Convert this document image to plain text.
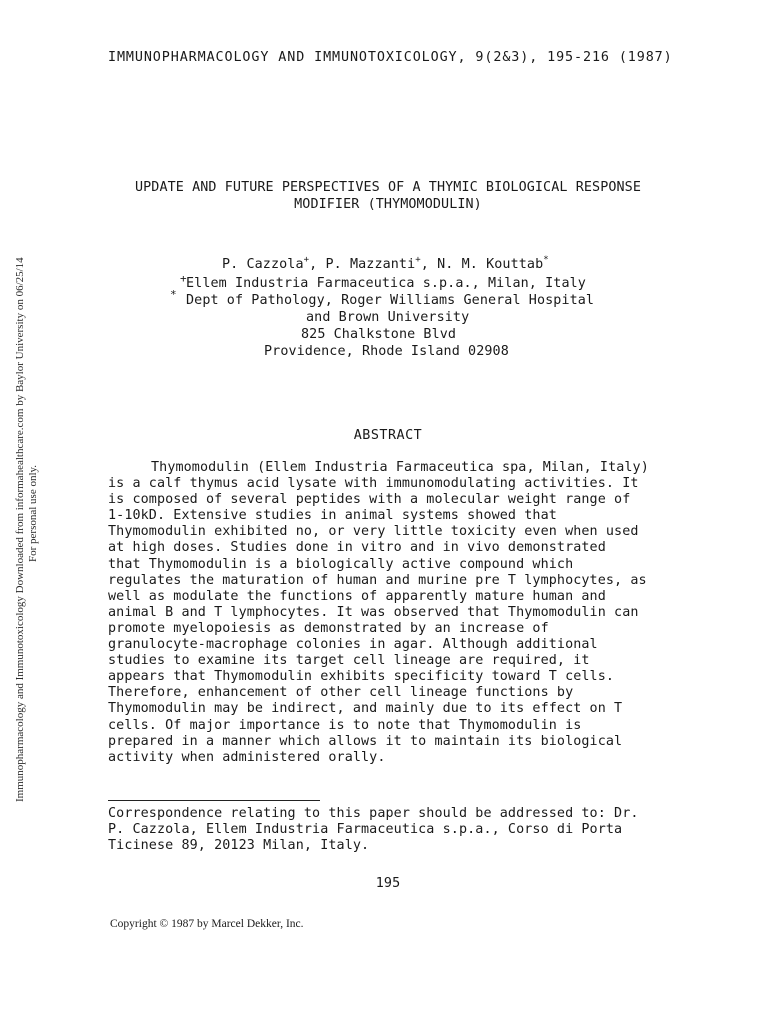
IMMUNOPHARMACOLOGY AND IMMUNOTOXICOLOGY, 9(2&3), 195-216 (1987)
UPDATE AND FUTURE PERSPECTIVES OF A THYMIC BIOLOGICAL RESPONSE
MODIFIER (THYMOMODULIN)
P. Cazzola+, P. Mazzanti+, N. M. Kouttab*
+ Ellem Industria Farmaceutica s.p.a., Milan, Italy
* Dept of Pathology, Roger Williams General Hospital
and Brown University
825 Chalkstone Blvd
Providence, Rhode Island 02908
ABSTRACT
Thymomodulin (Ellem Industria Farmaceutica spa, Milan, Italy)
is a calf thymus acid lysate with immunomodulating activities. It
is composed of several peptides with a molecular weight range of
1-10kD. Extensive studies in animal systems showed that
Thymomodulin exhibited no, or very little toxicity even when used
at high doses. Studies done in vitro and in vivo demonstrated
that Thymomodulin is a biologically active compound which
regulates the maturation of human and murine pre T lymphocytes, as
well as modulate the functions of apparently mature human and
animal B and T lymphocytes. It was observed that Thymomodulin can
promote myelopoiesis as demonstrated by an increase of
granulocyte-macrophage colonies in agar. Although additional
studies to examine its target cell lineage are required, it
appears that Thymomodulin exhibits specificity toward T cells.
Therefore, enhancement of other cell lineage functions by
Thymomodulin may be indirect, and mainly due to its effect on T
cells. Of major importance is to note that Thymomodulin is
prepared in a manner which allows it to maintain its biological
activity when administered orally.
Correspondence relating to this paper should be addressed to: Dr.
P. Cazzola, Ellem Industria Farmaceutica s.p.a., Corso di Porta
Ticinese 89, 20123 Milan, Italy.
195
Copyright © 1987 by Marcel Dekker, Inc.
Immunopharmacology and Immunotoxicology Downloaded from informahealthcare.com by Baylor University on 06/25/14 For personal use only.
